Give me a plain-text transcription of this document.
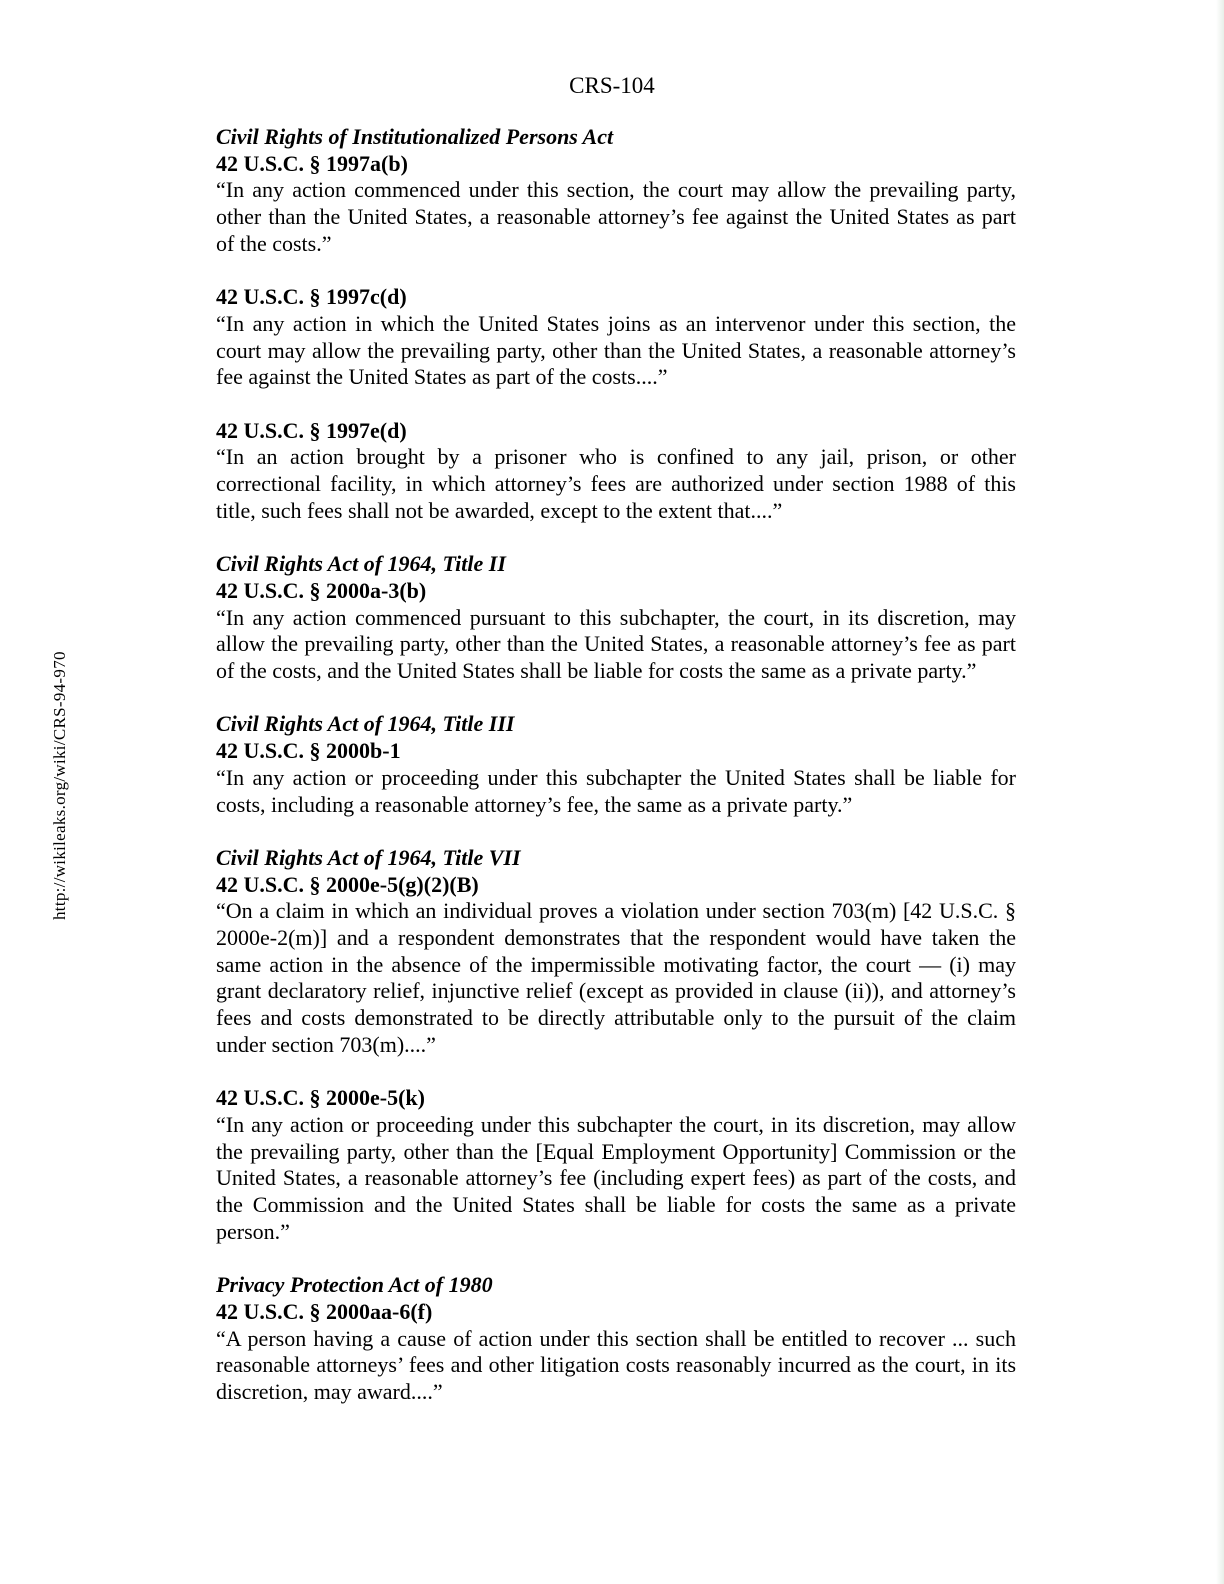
CRS-104
http://wikileaks.org/wiki/CRS-94-970
Civil Rights of Institutionalized Persons Act
42 U.S.C. § 1997a(b)
“In any action commenced under this section, the court may allow the prevailing party, other than the United States, a reasonable attorney’s fee against the United States as part of the costs.”
42 U.S.C. § 1997c(d)
“In any action in which the United States joins as an intervenor under this section, the court may allow the prevailing party, other than the United States, a reasonable attorney’s fee against the United States as part of the costs....”
42 U.S.C. § 1997e(d)
“In an action brought by a prisoner who is confined to any jail, prison, or other correctional facility, in which attorney’s fees are authorized under section 1988 of this title, such fees shall not be awarded, except to the extent that....”
Civil Rights Act of 1964, Title II
42 U.S.C. § 2000a-3(b)
“In any action commenced pursuant to this subchapter, the court, in its discretion, may allow the prevailing party, other than the United States, a reasonable attorney’s fee as part of the costs, and the United States shall be liable for costs the same as a private party.”
Civil Rights Act of 1964, Title III
42 U.S.C. § 2000b-1
“In any action or proceeding under this subchapter the United States shall be liable for costs, including a reasonable attorney’s fee, the same as a private party.”
Civil Rights Act of 1964, Title VII
42 U.S.C. § 2000e-5(g)(2)(B)
“On a claim in which an individual proves a violation under section 703(m) [42 U.S.C. § 2000e-2(m)] and a respondent demonstrates that the respondent would have taken the same action in the absence of the impermissible motivating factor, the court — (i) may grant declaratory relief, injunctive relief (except as provided in clause (ii)), and attorney’s fees and costs demonstrated to be directly attributable only to the pursuit of the claim under section 703(m)....”
42 U.S.C. § 2000e-5(k)
“In any action or proceeding under this subchapter the court, in its discretion, may allow the prevailing party, other than the [Equal Employment Opportunity] Commission or the United States, a reasonable attorney’s fee (including expert fees) as part of the costs, and the Commission and the United States shall be liable for costs the same as a private person.”
Privacy Protection Act of 1980
42 U.S.C. § 2000aa-6(f)
“A person having a cause of action under this section shall be entitled to recover ... such reasonable attorneys’ fees and other litigation costs reasonably incurred as the court, in its discretion, may award....”
